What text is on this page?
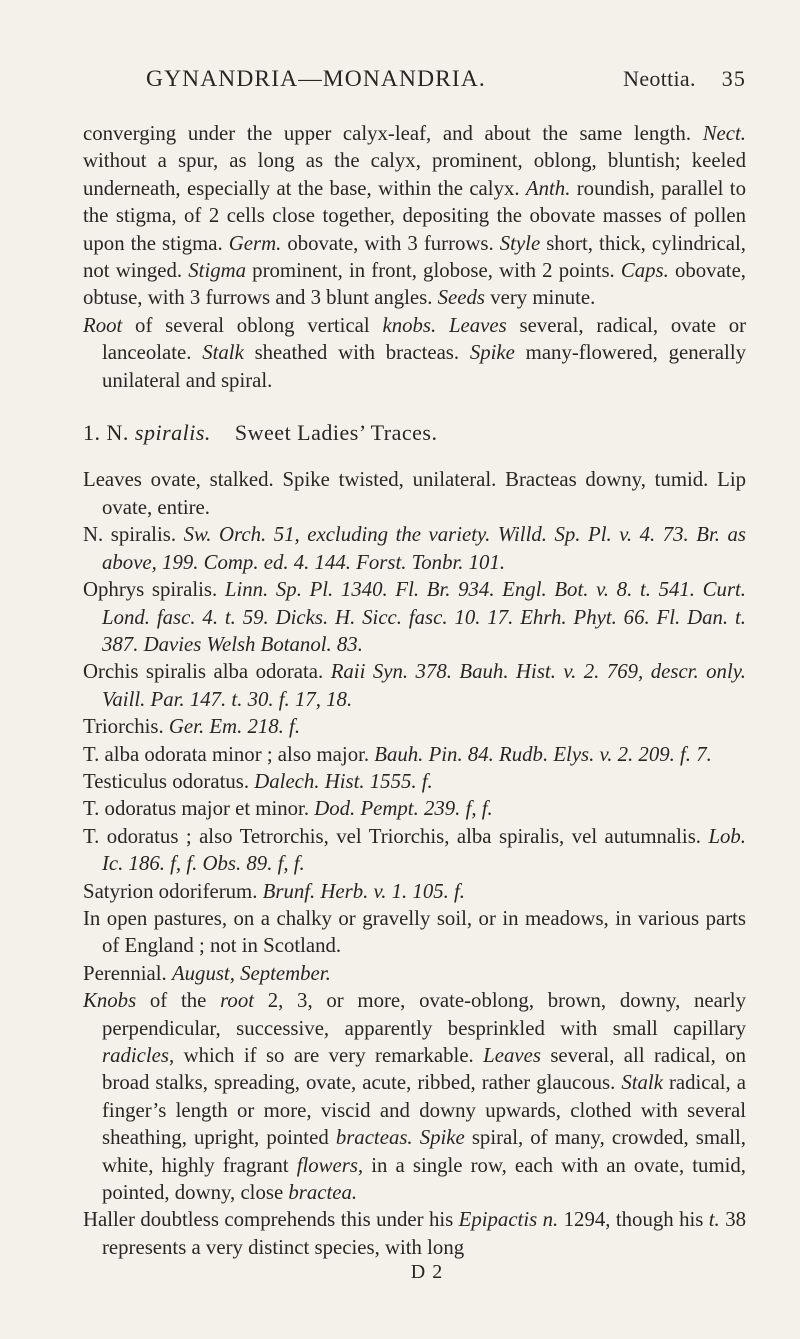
GYNANDRIA—MONANDRIA.	Neottia. 35

converging under the upper calyx-leaf, and about the same length. Nect. without a spur, as long as the calyx, prominent, oblong, bluntish; keeled underneath, especially at the base, within the calyx. Anth. roundish, parallel to the stigma, of 2 cells close together, depositing the obovate masses of pollen upon the stigma. Germ. obovate, with 3 furrows. Style short, thick, cylindrical, not winged. Stigma prominent, in front, globose, with 2 points. Caps. obovate, obtuse, with 3 furrows and 3 blunt angles. Seeds very minute.

Root of several oblong vertical knobs. Leaves several, radical, ovate or lanceolate. Stalk sheathed with bracteas. Spike many-flowered, generally unilateral and spiral.

1. N. spiralis. Sweet Ladies’ Traces.

Leaves ovate, stalked. Spike twisted, unilateral. Bracteas downy, tumid. Lip ovate, entire.

N. spiralis. Sw. Orch. 51, excluding the variety. Willd. Sp. Pl. v. 4. 73. Br. as above, 199. Comp. ed. 4. 144. Forst. Tonbr. 101.

Ophrys spiralis. Linn. Sp. Pl. 1340. Fl. Br. 934. Engl. Bot. v. 8. t. 541. Curt. Lond. fasc. 4. t. 59. Dicks. H. Sicc. fasc. 10. 17. Ehrh. Phyt. 66. Fl. Dan. t. 387. Davies Welsh Botanol. 83.

Orchis spiralis alba odorata. Raii Syn. 378. Bauh. Hist. v. 2. 769, descr. only. Vaill. Par. 147. t. 30. f. 17, 18.

Triorchis. Ger. Em. 218. f.

T. alba odorata minor ; also major. Bauh. Pin. 84. Rudb. Elys. v. 2. 209. f. 7.

Testiculus odoratus. Dalech. Hist. 1555. f.

T. odoratus major et minor. Dod. Pempt. 239. f, f.

T. odoratus ; also Tetrorchis, vel Triorchis, alba spiralis, vel autumnalis. Lob. Ic. 186. f, f. Obs. 89. f, f.

Satyrion odoriferum. Brunf. Herb. v. 1. 105. f.

In open pastures, on a chalky or gravelly soil, or in meadows, in various parts of England ; not in Scotland.

Perennial. August, September.

Knobs of the root 2, 3, or more, ovate-oblong, brown, downy, nearly perpendicular, successive, apparently besprinkled with small capillary radicles, which if so are very remarkable. Leaves several, all radical, on broad stalks, spreading, ovate, acute, ribbed, rather glaucous. Stalk radical, a finger’s length or more, viscid and downy upwards, clothed with several sheathing, upright, pointed bracteas. Spike spiral, of many, crowded, small, white, highly fragrant flowers, in a single row, each with an ovate, tumid, pointed, downy, close bractea.

Haller doubtless comprehends this under his Epipactis n. 1294, though his t. 38 represents a very distinct species, with long

D 2
